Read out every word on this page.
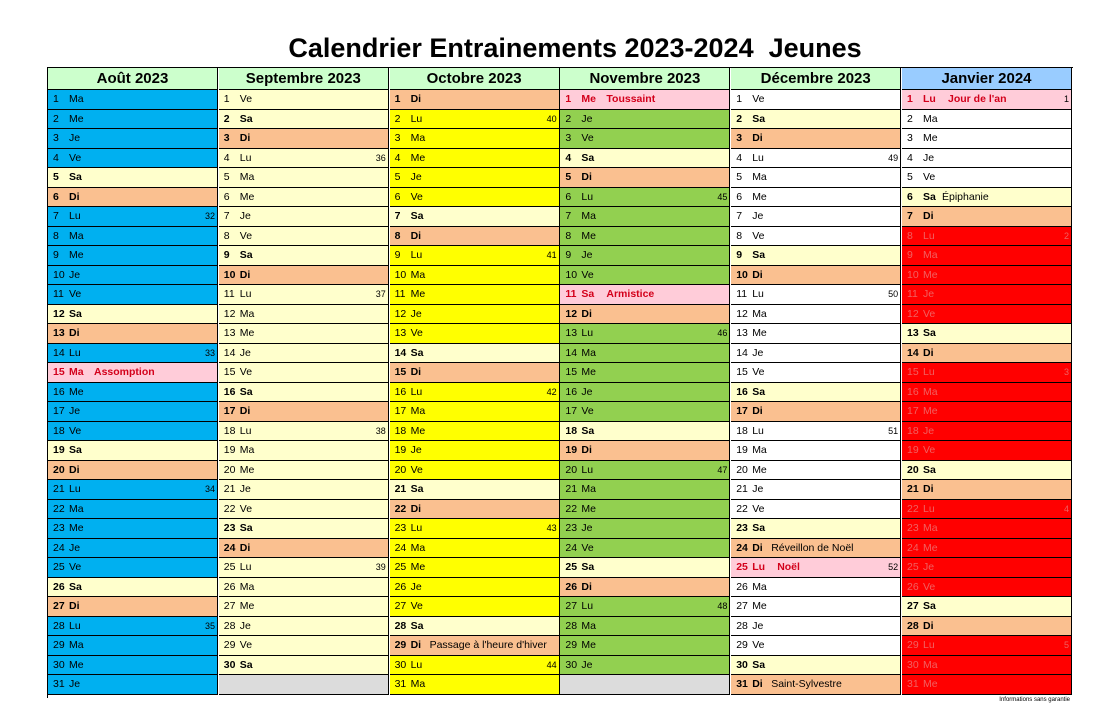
Calendrier Entrainements 2023-2024  Jeunes
Août 2023
1 Ma
2 Me
3 Je
4 Ve
5 Sa
6 Di
7 Lu	32
8 Ma
9 Me
10 Je
11 Ve
12 Sa
13 Di
14 Lu	33
15 Ma Assomption
16 Me
17 Je
18 Ve
19 Sa
20 Di
21 Lu	34
22 Ma
23 Me
24 Je
25 Ve
26 Sa
27 Di
28 Lu	35
29 Ma
30 Me
31 Je
Septembre 2023
1 Ve
2 Sa
3 Di
4 Lu	36
5 Ma
6 Me
7 Je
8 Ve
9 Sa
10 Di
11 Lu	37
12 Ma
13 Me
14 Je
15 Ve
16 Sa
17 Di
18 Lu	38
19 Ma
20 Me
21 Je
22 Ve
23 Sa
24 Di
25 Lu	39
26 Ma
27 Me
28 Je
29 Ve
30 Sa
Octobre 2023
1 Di
2 Lu	40
3 Ma
4 Me
5 Je
6 Ve
7 Sa
8 Di
9 Lu	41
10 Ma
11 Me
12 Je
13 Ve
14 Sa
15 Di
16 Lu	42
17 Ma
18 Me
19 Je
20 Ve
21 Sa
22 Di
23 Lu	43
24 Ma
25 Me
26 Je
27 Ve
28 Sa
29 Di Passage à l'heure d'hiver
30 Lu	44
31 Ma
Novembre 2023
1 Me Toussaint
2 Je
3 Ve
4 Sa
5 Di
6 Lu	45
7 Ma
8 Me
9 Je
10 Ve
11 Sa Armistice
12 Di
13 Lu	46
14 Ma
15 Me
16 Je
17 Ve
18 Sa
19 Di
20 Lu	47
21 Ma
22 Me
23 Je
24 Ve
25 Sa
26 Di
27 Lu	48
28 Ma
29 Me
30 Je
Décembre 2023
1 Ve
2 Sa
3 Di
4 Lu	49
5 Ma
6 Me
7 Je
8 Ve
9 Sa
10 Di
11 Lu	50
12 Ma
13 Me
14 Je
15 Ve
16 Sa
17 Di
18 Lu	51
19 Ma
20 Me
21 Je
22 Ve
23 Sa
24 Di Réveillon de Noël
25 Lu Noël	52
26 Ma
27 Me
28 Je
29 Ve
30 Sa
31 Di Saint-Sylvestre
Janvier 2024
1 Lu Jour de l'an	1
2 Ma
3 Me
4 Je
5 Ve
6 Sa Épiphanie
7 Di
8 Lu	2
9 Ma
10 Me
11 Je
12 Ve
13 Sa
14 Di
15 Lu	3
16 Ma
17 Me
18 Je
19 Ve
20 Sa
21 Di
22 Lu	4
23 Ma
24 Me
25 Je
26 Ve
27 Sa
28 Di
29 Lu	5
30 Ma
31 Me
Informations sans garantie
